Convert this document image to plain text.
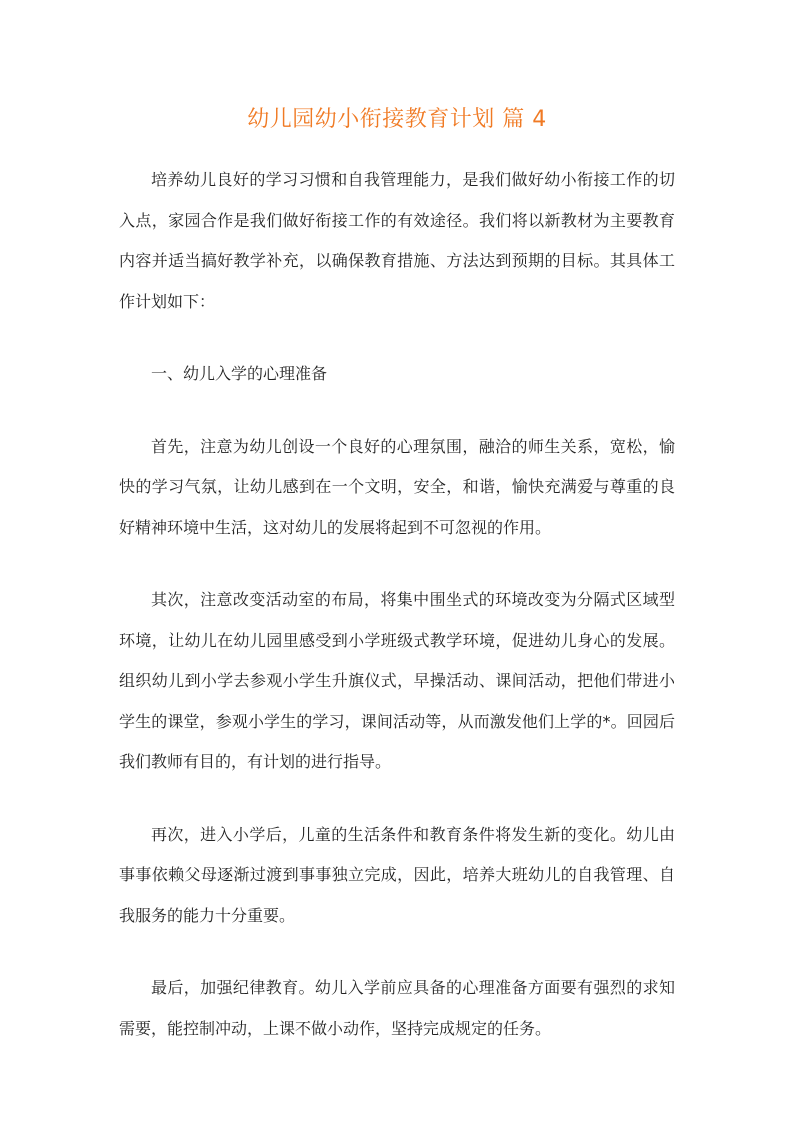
幼儿园幼小衔接教育计划 篇 4

培养幼儿良好的学习习惯和自我管理能力，是我们做好幼小衔接工作的切入点，家园合作是我们做好衔接工作的有效途径。我们将以新教材为主要教育内容并适当搞好教学补充，以确保教育措施、方法达到预期的目标。其具体工作计划如下：

一、幼儿入学的心理准备

首先，注意为幼儿创设一个良好的心理氛围，融洽的师生关系，宽松，愉快的学习气氛，让幼儿感到在一个文明，安全，和谐，愉快充满爱与尊重的良好精神环境中生活，这对幼儿的发展将起到不可忽视的作用。

其次，注意改变活动室的布局，将集中围坐式的环境改变为分隔式区域型环境，让幼儿在幼儿园里感受到小学班级式教学环境，促进幼儿身心的发展。组织幼儿到小学去参观小学生升旗仪式，早操活动、课间活动，把他们带进小学生的课堂，参观小学生的学习，课间活动等，从而激发他们上学的*。回园后我们教师有目的，有计划的进行指导。

再次，进入小学后，儿童的生活条件和教育条件将发生新的变化。幼儿由事事依赖父母逐渐过渡到事事独立完成，因此，培养大班幼儿的自我管理、自我服务的能力十分重要。

最后，加强纪律教育。幼儿入学前应具备的心理准备方面要有强烈的求知需要，能控制冲动，上课不做小动作，坚持完成规定的任务。
